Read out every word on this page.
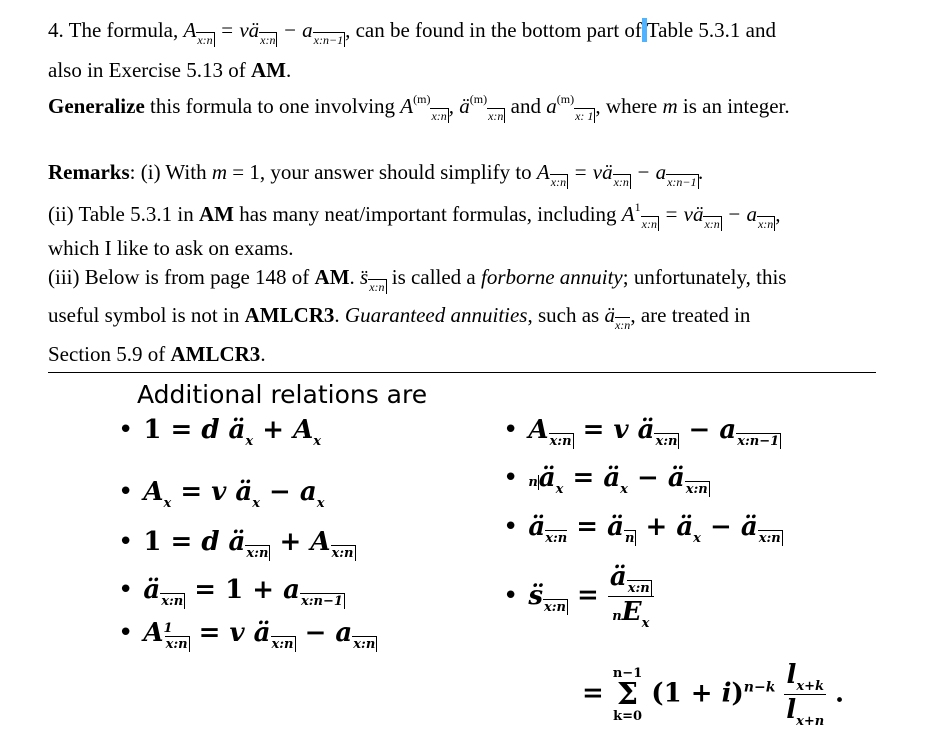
4. The formula, $A_{x:n}$ = $vä_{x:n} - a_{x:n-1}$, can be found in the bottom part of Table 5.3.1 and
also in Exercise 5.13 of AM.
Generalize this formula to one involving $A^{(m)}_{x:n}$, $ä^{(m)}_{x:n}$ and $a^{(m)}_{x: 1}$, where m is an integer.
Remarks: (i) With m = 1, your answer should simplify to $A_{x:n}$ = $vä_{x:n} - a_{x:n-1}$.
(ii) Table 5.3.1 in AM has many neat/important formulas, including $A^1_{x:n}$ = $vä_{x:n} - a_{x:n}$,
which I like to ask on exams.
(iii) Below is from page 148 of AM. $s̈_{x:n}$ is called a forborne annuity; unfortunately, this
useful symbol is not in AMLCR3. Guaranteed annuities, such as $ä_{x:n}$, are treated in
Section 5.9 of AMLCR3.
Additional relations are
• 1 = d $ä_x + A_x$
• $A_x = v$ $ä_x - a_x$
• 1 = d $ä_{x:n} + A_{x:n}$
• $ä_{x:n} = 1 + a_{x:n-1}$
• $A^1_{x:n} = v$ $ä_{x:n} - a_{x:n}$
• $A_{x:n} = v$ $ä_{x:n} - a_{x:n-1}$
• $nä_x$ = $ä_x$ − $ä_{x:n}$
• $ä_{x:n}$ = $ä_n$ + $ä_x$ − $ä_{x:n}$
• $s̈_{x:n} = \frac{ä_{x:n}}{nE_x}$
=
n−1
Σ
k=0
$(1 + i)^{n-k} \frac{l_{x+k}}{l_{x+n}}$ .
